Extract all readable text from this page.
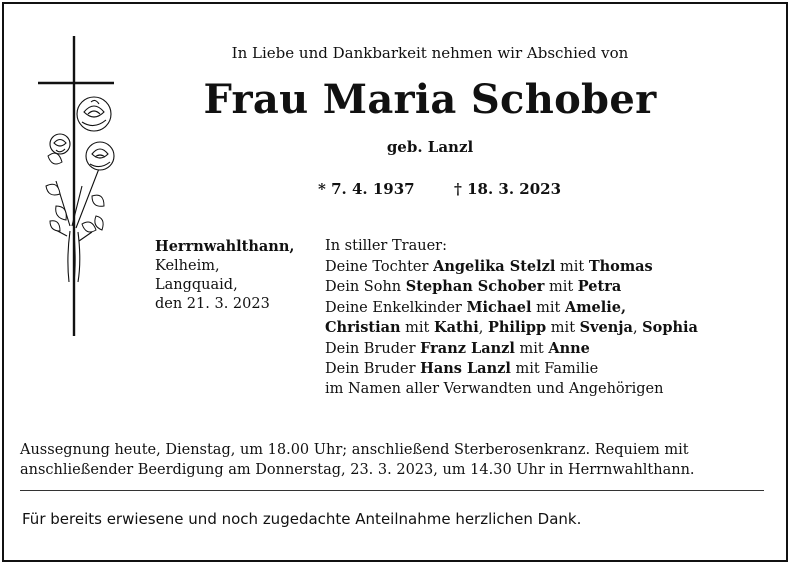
In Liebe und Dankbarkeit nehmen wir Abschied von
Frau Maria Schober
geb. Lanzl
* 7. 4. 1937	† 18. 3. 2023
Herrnwahlthann,
Kelheim,
Langquaid,
den 21. 3. 2023
In stiller Trauer:
Deine Tochter Angelika Stelzl mit Thomas
Dein Sohn Stephan Schober mit Petra
Deine Enkelkinder Michael mit Amelie,
Christian mit Kathi, Philipp mit Svenja, Sophia
Dein Bruder Franz Lanzl mit Anne
Dein Bruder Hans Lanzl mit Familie
im Namen aller Verwandten und Angehörigen
Aussegnung heute, Dienstag, um 18.00 Uhr; anschließend Sterberosenkranz. Requiem mit
anschließender Beerdigung am Donnerstag, 23. 3. 2023, um 14.30 Uhr in Herrnwahlthann.
Für bereits erwiesene und noch zugedachte Anteilnahme herzlichen Dank.
